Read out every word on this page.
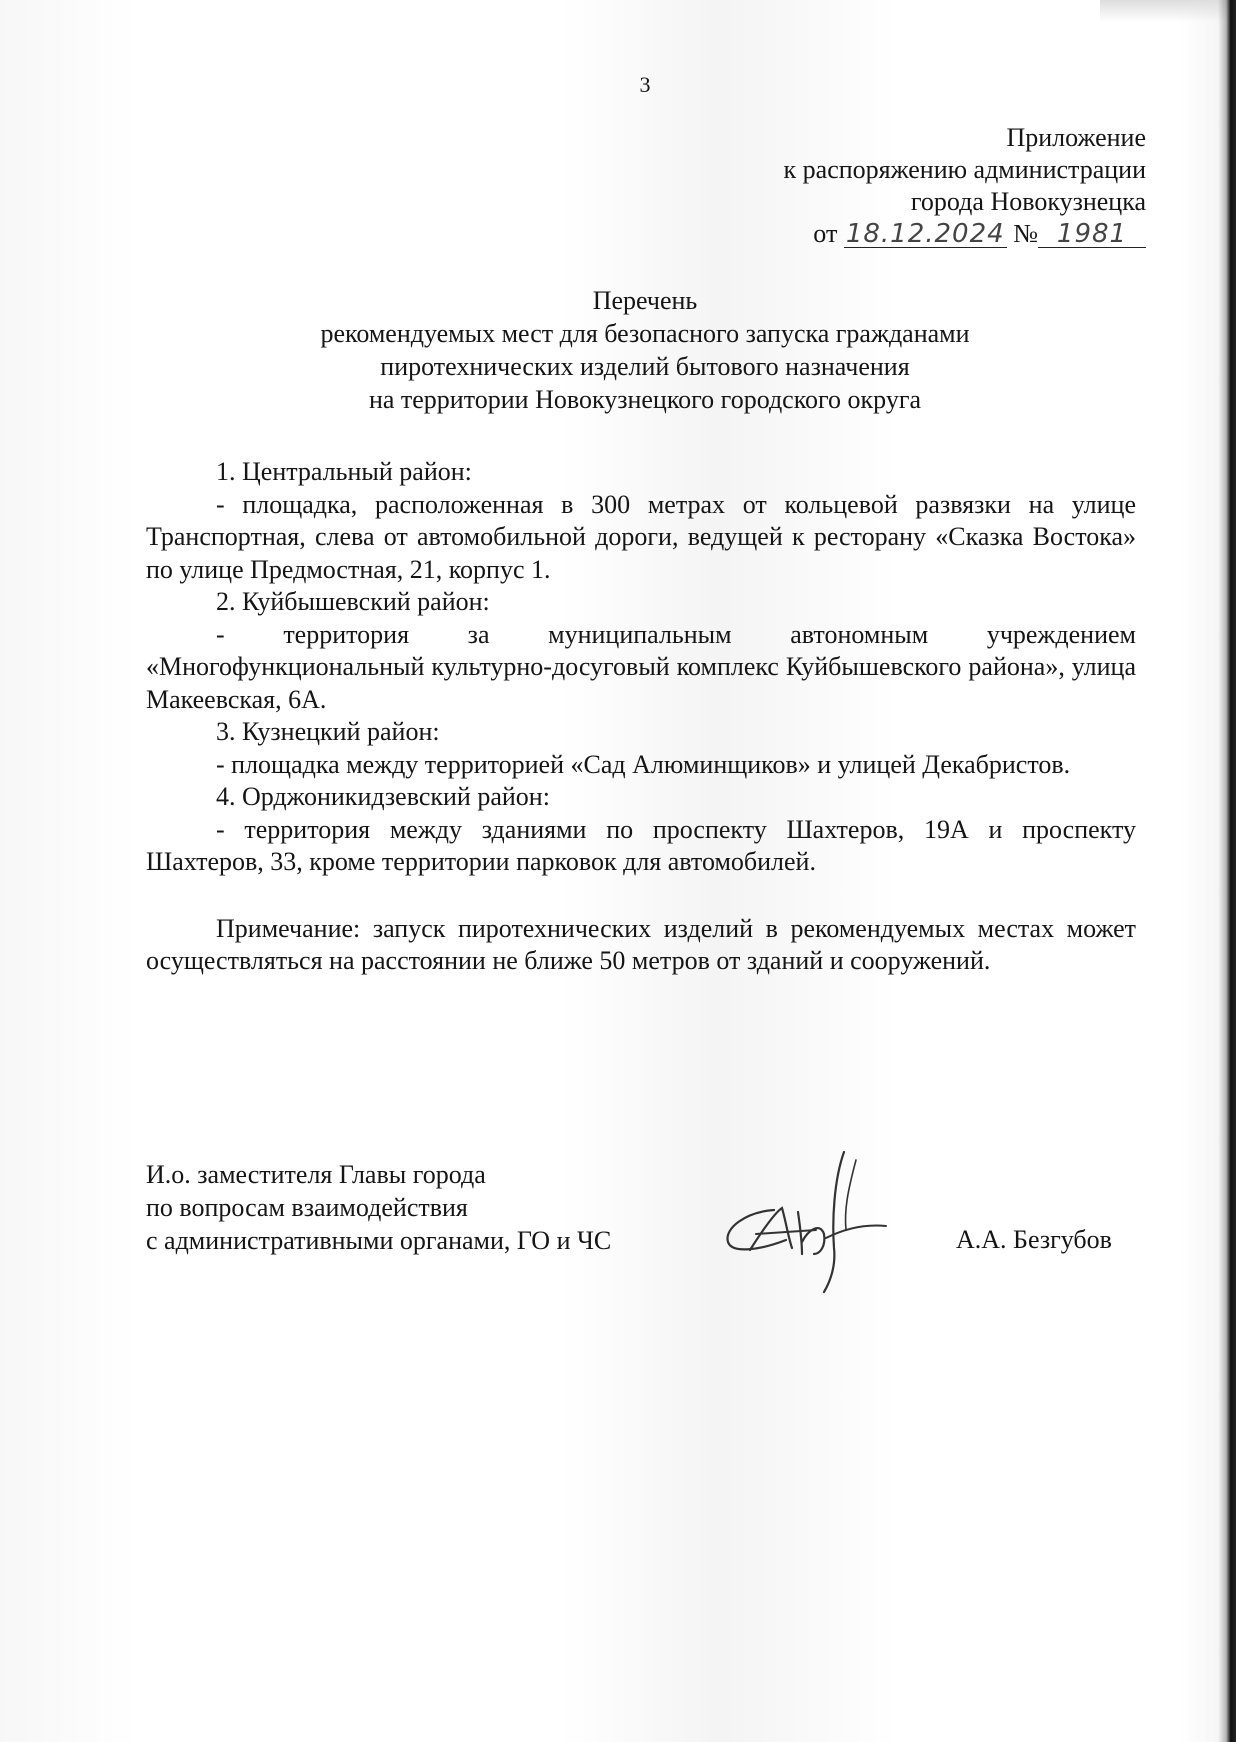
3
Приложение
к распоряжению администрации
города Новокузнецка
от 18.12.2024 № 1981
Перечень
рекомендуемых мест для безопасного запуска гражданами
пиротехнических изделий бытового назначения
на территории Новокузнецкого городского округа

1. Центральный район:

- площадка, расположенная в 300 метрах от кольцевой развязки на улице Транспортная, слева от автомобильной дороги, ведущей к ресторану «Сказка Востока» по улице Предмостная, 21, корпус 1.

2. Куйбышевский район:

- территория за муниципальным автономным учреждением «Многофункциональный культурно-досуговый комплекс Куйбышевского района», улица Макеевская, 6А.

3. Кузнецкий район:

- площадка между территорией «Сад Алюминщиков» и улицей Декабристов.

4. Орджоникидзевский район:

- территория между зданиями по проспекту Шахтеров, 19А и проспекту Шахтеров, 33, кроме территории парковок для автомобилей.

Примечание: запуск пиротехнических изделий в рекомендуемых местах может осуществляться на расстоянии не ближе 50 метров от зданий и сооружений.

И.о. заместителя Главы города
по вопросам взаимодействия
с административными органами, ГО и ЧС	А.А. Безгубов
